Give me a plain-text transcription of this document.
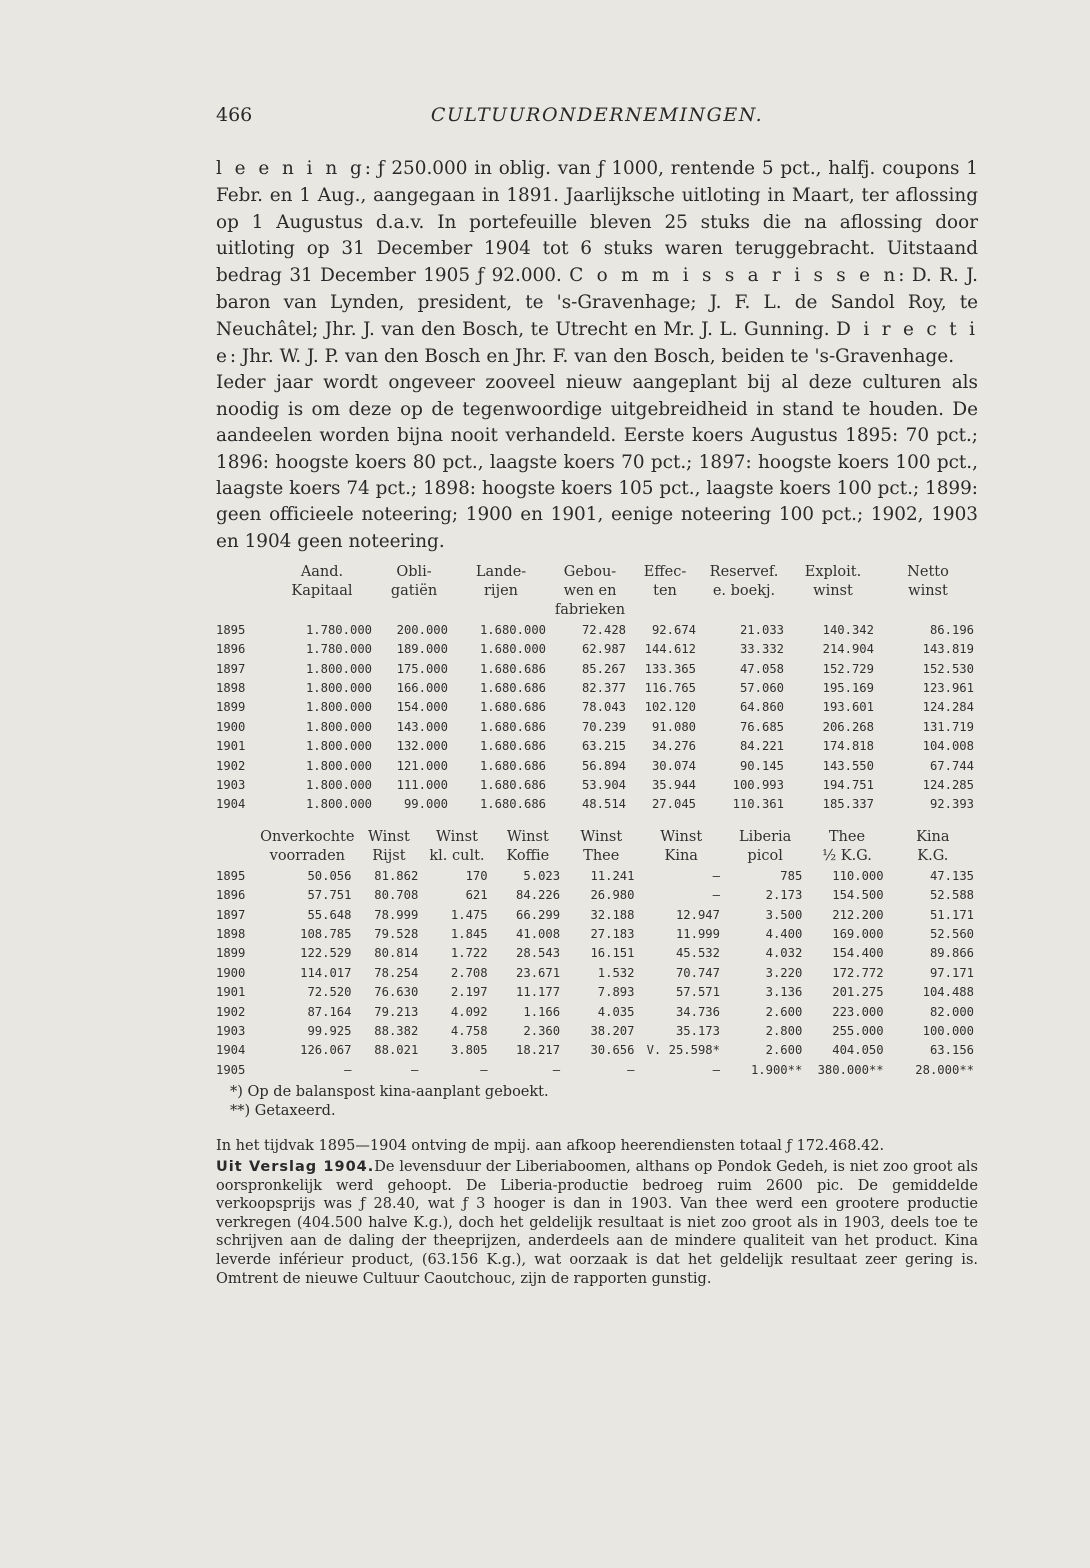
466	CULTUURONDERNEMINGEN.

l e e n i n g: ƒ 250.000 in oblig. van ƒ 1000, rentende 5 pct., halfj. coupons 1 Febr. en 1 Aug., aangegaan in 1891. Jaarlijksche uitloting in Maart, ter aflossing op 1 Augustus d.a.v. In portefeuille bleven 25 stuks die na aflossing door uitloting op 31 December 1904 tot 6 stuks waren teruggebracht. Uitstaand bedrag 31 December 1905 ƒ 92.000. C o m m i s s a r i s s e n: D. R. J. baron van Lynden, president, te 's-Gravenhage; J. F. L. de Sandol Roy, te Neuchâtel; Jhr. J. van den Bosch, te Utrecht en Mr. J. L. Gunning. D i r e c t i e: Jhr. W. J. P. van den Bosch en Jhr. F. van den Bosch, beiden te 's-Gravenhage.

Ieder jaar wordt ongeveer zooveel nieuw aangeplant bij al deze culturen als noodig is om deze op de tegenwoordige uitgebreidheid in stand te houden. De aandeelen worden bijna nooit verhandeld. Eerste koers Augustus 1895: 70 pct.; 1896: hoogste koers 80 pct., laagste koers 70 pct.; 1897: hoogste koers 100 pct., laagste koers 74 pct.; 1898: hoogste koers 105 pct., laagste koers 100 pct.; 1899: geen officieele noteering; 1900 en 1901, eenige noteering 100 pct.; 1902, 1903 en 1904 geen noteering.

	Aand.	Obli-	Lande-	Gebou-	Effec-	Reservef.	Exploit.	Netto
	Kapitaal	gatiën	rijen	wen en	ten	e. boekj.	winst	winst
				fabrieken				
1895	1.780.000	200.000	1.680.000	72.428	92.674	21.033	140.342	86.196
1896	1.780.000	189.000	1.680.000	62.987	144.612	33.332	214.904	143.819
1897	1.800.000	175.000	1.680.686	85.267	133.365	47.058	152.729	152.530
1898	1.800.000	166.000	1.680.686	82.377	116.765	57.060	195.169	123.961
1899	1.800.000	154.000	1.680.686	78.043	102.120	64.860	193.601	124.284
1900	1.800.000	143.000	1.680.686	70.239	91.080	76.685	206.268	131.719
1901	1.800.000	132.000	1.680.686	63.215	34.276	84.221	174.818	104.008
1902	1.800.000	121.000	1.680.686	56.894	30.074	90.145	143.550	67.744
1903	1.800.000	111.000	1.680.686	53.904	35.944	100.993	194.751	124.285
1904	1.800.000	99.000	1.680.686	48.514	27.045	110.361	185.337	92.393
	Onverkochte	Winst	Winst	Winst	Winst	Winst	Liberia	Thee	Kina
	voorraden	Rijst	kl. cult.	Koffie	Thee	Kina	picol	½ K.G.	K.G.
1895	50.056	81.862	170	5.023	11.241	—	785	110.000	47.135
1896	57.751	80.708	621	84.226	26.980	—	2.173	154.500	52.588
1897	55.648	78.999	1.475	66.299	32.188	12.947	3.500	212.200	51.171
1898	108.785	79.528	1.845	41.008	27.183	11.999	4.400	169.000	52.560
1899	122.529	80.814	1.722	28.543	16.151	45.532	4.032	154.400	89.866
1900	114.017	78.254	2.708	23.671	1.532	70.747	3.220	172.772	97.171
1901	72.520	76.630	2.197	11.177	7.893	57.571	3.136	201.275	104.488
1902	87.164	79.213	4.092	1.166	4.035	34.736	2.600	223.000	82.000
1903	99.925	88.382	4.758	2.360	38.207	35.173	2.800	255.000	100.000
1904	126.067	88.021	3.805	18.217	30.656	V. 25.598*	2.600	404.050	63.156
1905	—	—	—	—	—	—	1.900**	380.000**	28.000**
*) Op de balanspost kina-aanplant geboekt.
**) Getaxeerd.

In het tijdvak 1895—1904 ontving de mpij. aan afkoop heerendiensten totaal ƒ 172.468.42.

Uit Verslag 1904.De levensduur der Liberiaboomen, althans op Pondok Gedeh, is niet zoo groot als oorspronkelijk werd gehoopt. De Liberia-productie bedroeg ruim 2600 pic. De gemiddelde verkoopsprijs was ƒ 28.40, wat ƒ 3 hooger is dan in 1903. Van thee werd een grootere productie verkregen (404.500 halve K.g.), doch het geldelijk resultaat is niet zoo groot als in 1903, deels toe te schrijven aan de daling der theeprijzen, anderdeels aan de mindere qualiteit van het product. Kina leverde inférieur product, (63.156 K.g.), wat oorzaak is dat het geldelijk resultaat zeer gering is. Omtrent de nieuwe Cultuur Caoutchouc, zijn de rapporten gunstig.
